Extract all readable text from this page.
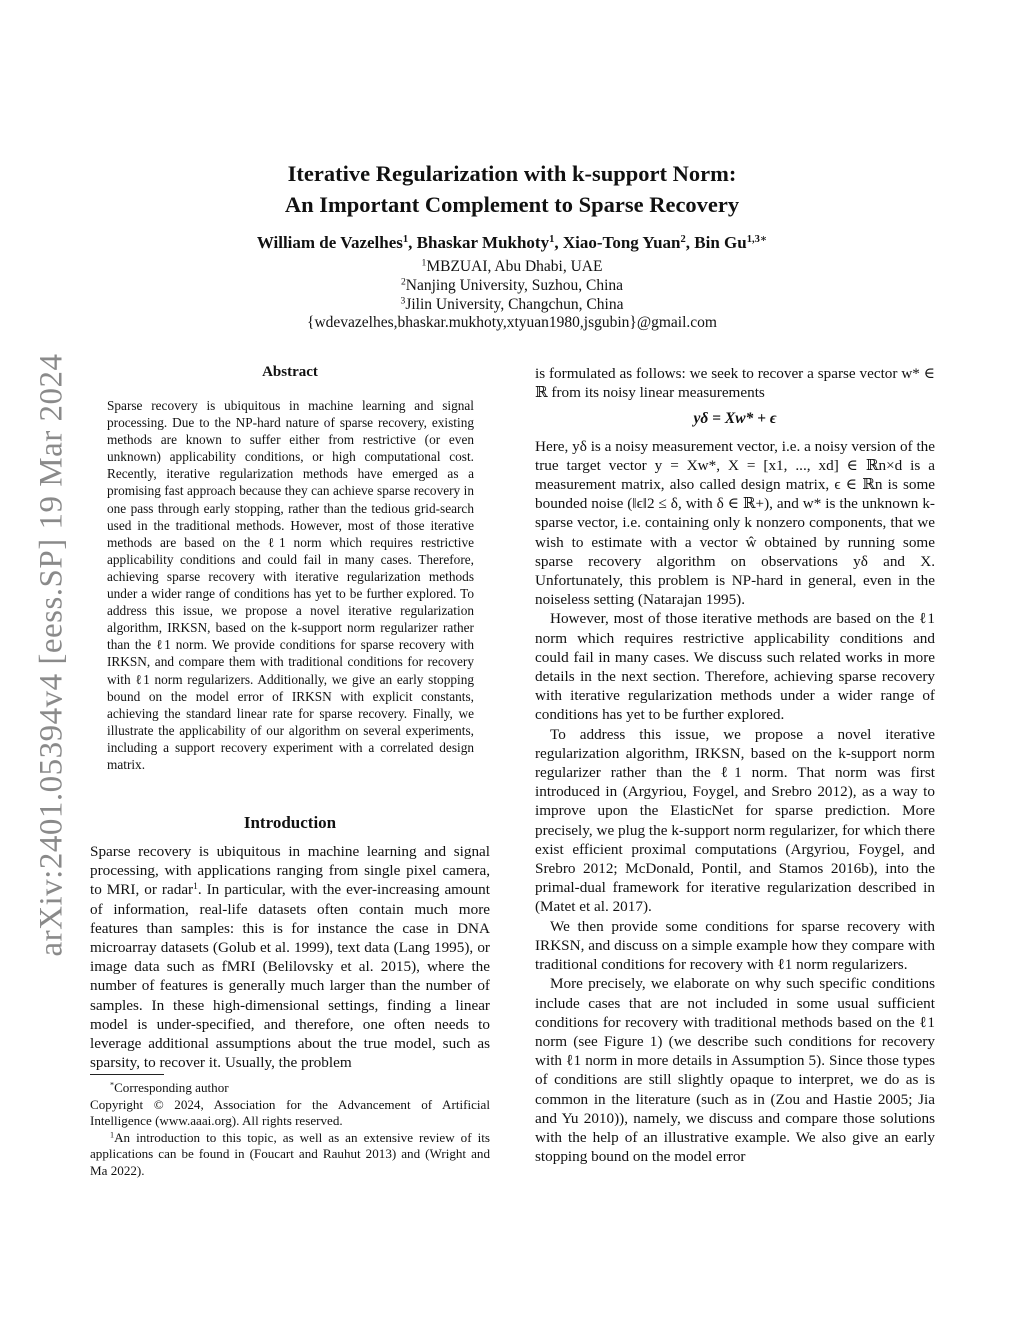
arXiv:2401.05394v4 [eess.SP] 19 Mar 2024
Iterative Regularization with k-support Norm:
An Important Complement to Sparse Recovery
William de Vazelhes$^1$, Bhaskar Mukhoty$^1$, Xiao-Tong Yuan$^2$, Bin $Gu^{1,3∗}$
$^1$MBZUAI, Abu Dhabi, UAE
$^2$Nanjing University, Suzhou, China
$^3$Jilin University, Changchun, China
{wdevazelhes,bhaskar.mukhoty,xtyuan1980,jsgubin}@gmail.com
Abstract
Sparse recovery is ubiquitous in machine learning and signal processing. Due to the NP-hard nature of sparse recovery, existing methods are known to suffer either from restrictive (or even unknown) applicability conditions, or high computational cost. Recently, iterative regularization methods have emerged as a promising fast approach because they can achieve sparse recovery in one pass through early stopping, rather than the tedious grid-search used in the traditional methods. However, most of those iterative methods are based on the ℓ1 norm which requires restrictive applicability conditions and could fail in many cases. Therefore, achieving sparse recovery with iterative regularization methods under a wider range of conditions has yet to be further explored. To address this issue, we propose a novel iterative regularization algorithm, IRKSN, based on the k-support norm regularizer rather than the ℓ1 norm. We provide conditions for sparse recovery with IRKSN, and compare them with traditional conditions for recovery with ℓ1 norm regularizers. Additionally, we give an early stopping bound on the model error of IRKSN with explicit constants, achieving the standard linear rate for sparse recovery. Finally, we illustrate the applicability of our algorithm on several experiments, including a support recovery experiment with a correlated design matrix.
Introduction

Sparse recovery is ubiquitous in machine learning and signal processing, with applications ranging from single pixel camera, to MRI, or radar$^1$. In particular, with the ever-increasing amount of information, real-life datasets often contain much more features than samples: this is for instance the case in DNA microarray datasets (Golub et al. 1999), text data (Lang 1995), or image data such as fMRI (Belilovsky et al. 2015), where the number of features is generally much larger than the number of samples. In these high-dimensional settings, finding a linear model is under-specified, and therefore, one often needs to leverage additional assumptions about the true model, such as sparsity, to recover it. Usually, the problem

*Corresponding author

Copyright © 2024, Association for the Advancement of Artificial Intelligence (www.aaai.org). All rights reserved.

$^1$An introduction to this topic, as well as an extensive review of its applications can be found in (Foucart and Rauhut 2013) and (Wright and Ma 2022).

is formulated as follows: we seek to recover a sparse vector w* ∈ ℝ from its noisy linear measurements

yδ = Xw* + ϵ

Here, yδ is a noisy measurement vector, i.e. a noisy version of the true target vector y = Xw*, X = [x1, ..., xd] ∈ ℝn×d is a measurement matrix, also called design matrix, ϵ ∈ ℝn is some bounded noise (‖ϵ‖2 ≤ δ, with δ ∈ ℝ+), and w* is the unknown k-sparse vector, i.e. containing only k nonzero components, that we wish to estimate with a vector ŵ obtained by running some sparse recovery algorithm on observations yδ and X. Unfortunately, this problem is NP-hard in general, even in the noiseless setting (Natarajan 1995).

However, most of those iterative methods are based on the ℓ1 norm which requires restrictive applicability conditions and could fail in many cases. We discuss such related works in more details in the next section. Therefore, achieving sparse recovery with iterative regularization methods under a wider range of conditions has yet to be further explored.

To address this issue, we propose a novel iterative regularization algorithm, IRKSN, based on the k-support norm regularizer rather than the ℓ1 norm. That norm was first introduced in (Argyriou, Foygel, and Srebro 2012), as a way to improve upon the ElasticNet for sparse prediction. More precisely, we plug the k-support norm regularizer, for which there exist efficient proximal computations (Argyriou, Foygel, and Srebro 2012; McDonald, Pontil, and Stamos 2016b), into the primal-dual framework for iterative regularization described in (Matet et al. 2017).

We then provide some conditions for sparse recovery with IRKSN, and discuss on a simple example how they compare with traditional conditions for recovery with ℓ1 norm regularizers.

More precisely, we elaborate on why such specific conditions include cases that are not included in some usual sufficient conditions for recovery with traditional methods based on the ℓ1 norm (see Figure 1) (we describe such conditions for recovery with ℓ1 norm in more details in Assumption 5). Since those types of conditions are still slightly opaque to interpret, we do as is common in the literature (such as in (Zou and Hastie 2005; Jia and Yu 2010)), namely, we discuss and compare those solutions with the help of an illustrative example. We also give an early stopping bound on the model error
